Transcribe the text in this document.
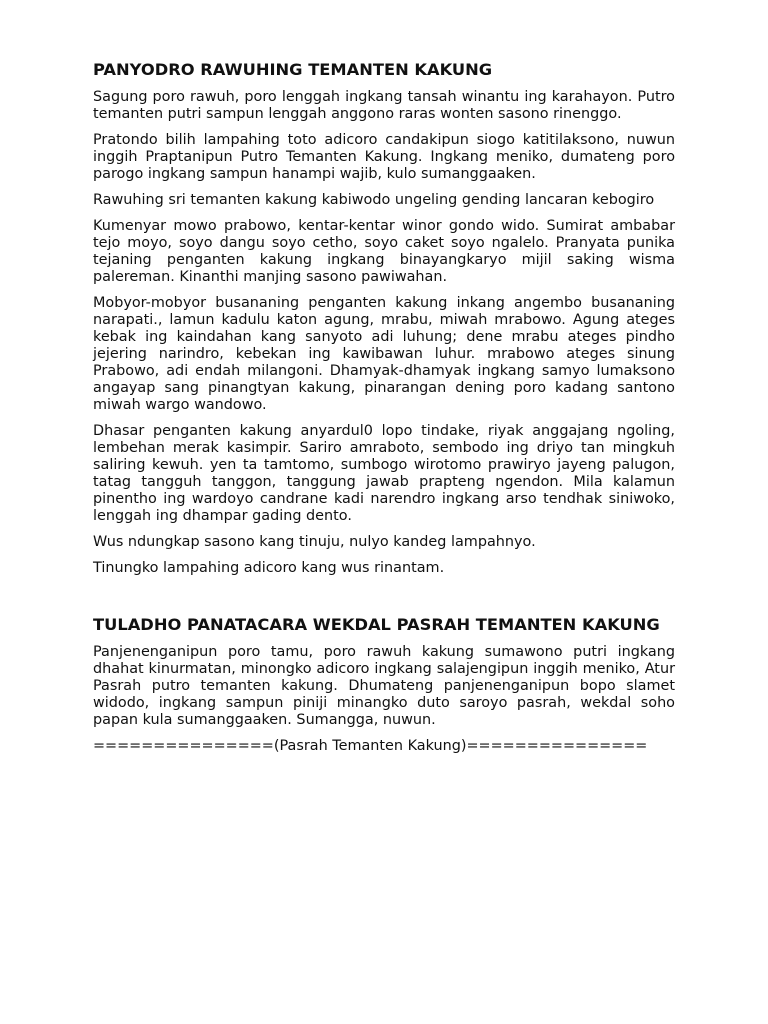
PANYODRO RAWUHING TEMANTEN KAKUNG

Sagung poro rawuh, poro lenggah ingkang tansah winantu ing karahayon. Putro temanten putri sampun lenggah anggono raras wonten sasono rinenggo.

Pratondo bilih lampahing toto adicoro candakipun siogo katitilaksono, nuwun inggih Praptanipun Putro Temanten Kakung. Ingkang meniko, dumateng poro parogo ingkang sampun hanampi wajib, kulo sumanggaaken.

Rawuhing sri temanten kakung kabiwodo ungeling gending lancaran kebogiro

Kumenyar mowo prabowo, kentar-kentar winor gondo wido. Sumirat ambabar tejo moyo, soyo dangu soyo cetho, soyo caket soyo ngalelo. Pranyata punika tejaning penganten kakung ingkang binayangkaryo mijil saking wisma palereman. Kinanthi manjing sasono pawiwahan.

Mobyor-mobyor busananing penganten kakung inkang angembo busananing narapati., lamun kadulu katon agung, mrabu, miwah mrabowo. Agung ateges kebak ing kaindahan kang sanyoto adi luhung; dene mrabu ateges pindho jejering narindro, kebekan ing kawibawan luhur. mrabowo ateges sinung Prabowo, adi endah milangoni. Dhamyak-dhamyak ingkang samyo lumaksono angayap sang pinangtyan kakung, pinarangan dening poro kadang santono miwah wargo wandowo.

Dhasar penganten kakung anyardul0 lopo tindake, riyak anggajang ngoling, lembehan merak kasimpir. Sariro amraboto, sembodo ing driyo tan mingkuh saliring kewuh. yen ta tamtomo, sumbogo wirotomo prawiryo jayeng palugon, tatag tangguh tanggon, tanggung jawab prapteng ngendon. Mila kalamun pinentho ing wardoyo candrane kadi narendro ingkang arso tendhak siniwoko, lenggah ing dhampar gading dento.

Wus ndungkap sasono kang tinuju, nulyo kandeg lampahnyo.

Tinungko lampahing adicoro kang wus rinantam.

TULADHO PANATACARA WEKDAL PASRAH TEMANTEN KAKUNG

Panjenenganipun poro tamu, poro rawuh kakung sumawono putri ingkang dhahat kinurmatan, minongko adicoro ingkang salajengipun inggih meniko, Atur Pasrah putro temanten kakung. Dhumateng panjenenganipun bopo slamet widodo, ingkang sampun piniji minangko duto saroyo pasrah, wekdal soho papan kula sumanggaaken. Sumangga, nuwun.

===============(Pasrah Temanten Kakung)===============
